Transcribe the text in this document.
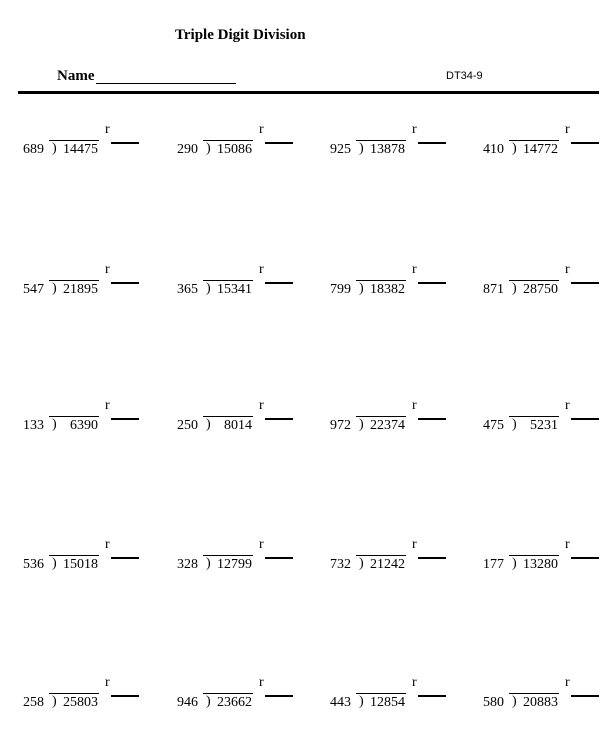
Triple Digit Division
Name	DT34-9
689 ) 14475
r
290 ) 15086
r
925 ) 13878
r
410 ) 14772
r
547 ) 21895
r
365 ) 15341
r
799 ) 18382
r
871 ) 28750
r
133 ) 6390
r
250 ) 8014
r
972 ) 22374
r
475 ) 5231
r
536 ) 15018
r
328 ) 12799
r
732 ) 21242
r
177 ) 13280
r
258 ) 25803
r
946 ) 23662
r
443 ) 12854
r
580 ) 20883
r
